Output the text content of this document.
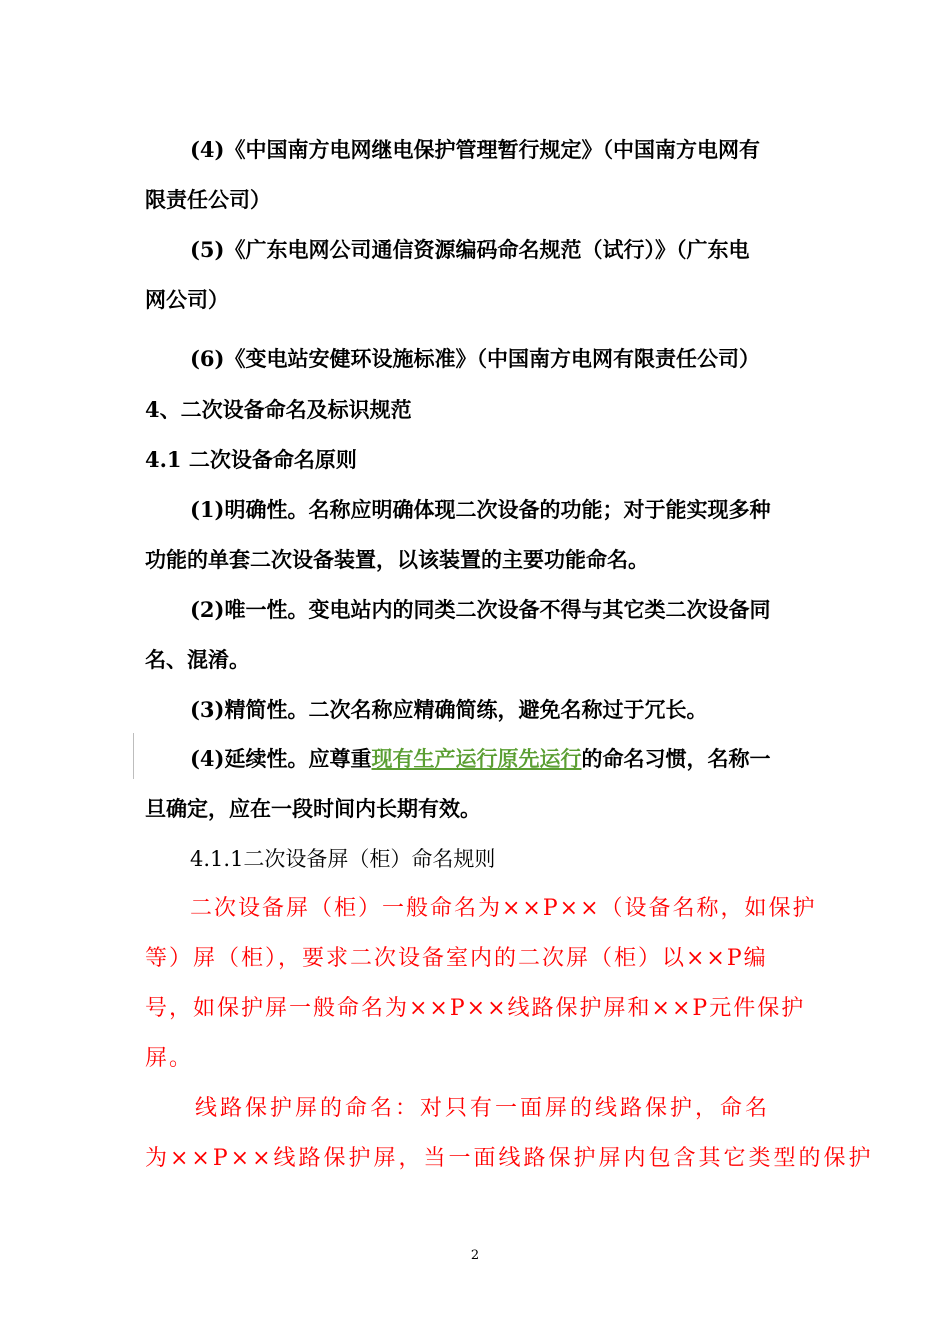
(4)《中国南方电网继电保护管理暂行规定》（中国南方电网有
限责任公司）
(5)《广东电网公司通信资源编码命名规范（试行）》（广东电
网公司）
(6)《变电站安健环设施标准》（中国南方电网有限责任公司）
4、二次设备命名及标识规范
4.1 二次设备命名原则
(1)明确性。名称应明确体现二次设备的功能；对于能实现多种
功能的单套二次设备装置，以该装置的主要功能命名。
(2)唯一性。变电站内的同类二次设备不得与其它类二次设备同
名、混淆。
(3)精简性。二次名称应精确简练，避免名称过于冗长。
(4)延续性。应尊重现有生产运行原先运行的命名习惯，名称一
旦确定，应在一段时间内长期有效。
4.1.1二次设备屏（柜）命名规则
二次设备屏（柜）一般命名为××P××（设备名称，如保护
等）屏（柜），要求二次设备室内的二次屏（柜）以××P编
号，如保护屏一般命名为××P××线路保护屏和××P元件保护
屏。
线路保护屏的命名：对只有一面屏的线路保护，命名
为××P××线路保护屏，当一面线路保护屏内包含其它类型的保护
2
